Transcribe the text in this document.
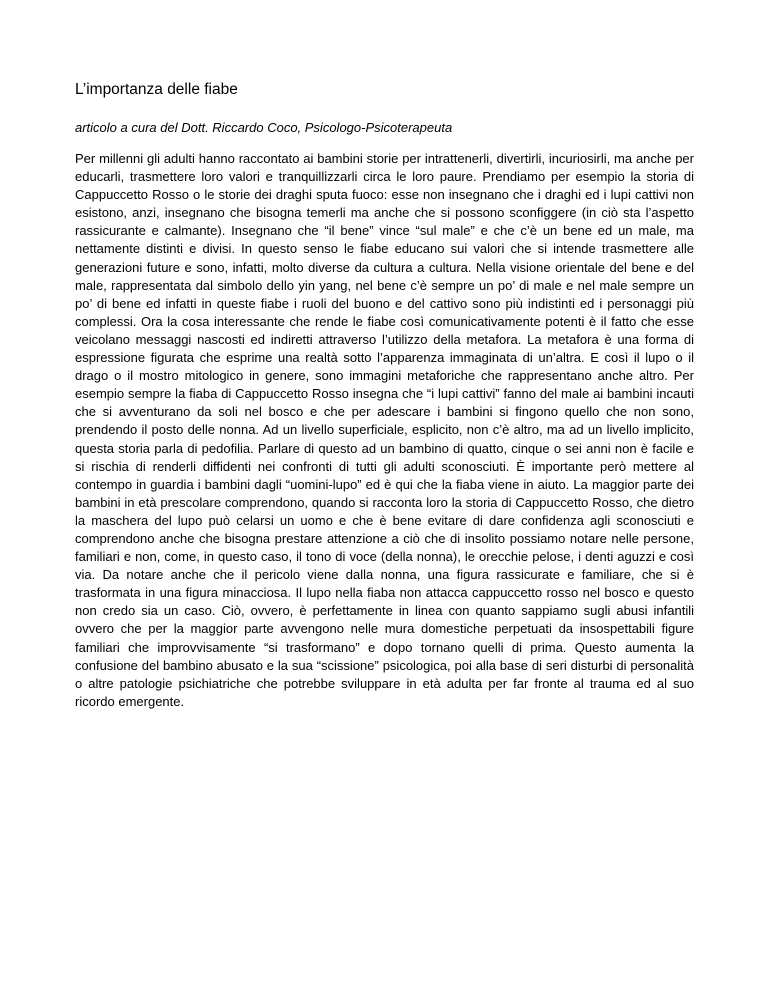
L’importanza delle fiabe

articolo a cura del Dott. Riccardo Coco, Psicologo-Psicoterapeuta

Per millenni gli adulti hanno raccontato ai bambini storie per intrattenerli, divertirli, incuriosirli, ma anche per educarli, trasmettere loro valori e tranquillizzarli circa le loro paure. Prendiamo per esempio la storia di Cappuccetto Rosso o le storie dei draghi sputa fuoco: esse non insegnano che i draghi ed i lupi cattivi non esistono, anzi, insegnano che bisogna temerli ma anche che si possono sconfiggere (in ciò sta l’aspetto rassicurante e calmante). Insegnano che “il bene” vince “sul male” e che c’è un bene ed un male, ma nettamente distinti e divisi. In questo senso le fiabe educano sui valori che si intende trasmettere alle generazioni future e sono, infatti, molto diverse da cultura a cultura. Nella visione orientale del bene e del male, rappresentata dal simbolo dello yin yang, nel bene c’è sempre un po’ di male e nel male sempre un po’ di bene ed infatti in queste fiabe i ruoli del buono e del cattivo sono più indistinti ed i personaggi più complessi. Ora la cosa interessante che rende le fiabe così comunicativamente potenti è il fatto che esse veicolano messaggi nascosti ed indiretti attraverso l’utilizzo della metafora. La metafora è una forma di espressione figurata che esprime una realtà sotto l’apparenza immaginata di un’altra. E così il lupo o il drago o il mostro mitologico in genere, sono immagini metaforiche che rappresentano anche altro. Per esempio sempre la fiaba di Cappuccetto Rosso insegna che “i lupi cattivi” fanno del male ai bambini incauti che si avventurano da soli nel bosco e che per adescare i bambini si fingono quello che non sono, prendendo il posto delle nonna. Ad un livello superficiale, esplicito, non c’è altro, ma ad un livello implicito, questa storia parla di pedofilia. Parlare di questo ad un bambino di quatto, cinque o sei anni non è facile e si rischia di renderli diffidenti nei confronti di tutti gli adulti sconosciuti. È importante però mettere al contempo in guardia i bambini dagli “uomini-lupo” ed è qui che la fiaba viene in aiuto. La maggior parte dei bambini in età prescolare comprendono, quando si racconta loro la storia di Cappuccetto Rosso, che dietro la maschera del lupo può celarsi un uomo e che è bene evitare di dare confidenza agli sconosciuti e comprendono anche che bisogna prestare attenzione a ciò che di insolito possiamo notare nelle persone, familiari e non, come, in questo caso, il tono di voce (della nonna), le orecchie pelose, i denti aguzzi e così via. Da notare anche che il pericolo viene dalla nonna, una figura rassicurate e familiare, che si è trasformata in una figura minacciosa. Il lupo nella fiaba non attacca cappuccetto rosso nel bosco e questo non credo sia un caso. Ciò, ovvero, è perfettamente in linea con quanto sappiamo sugli abusi infantili ovvero che per la maggior parte avvengono nelle mura domestiche perpetuati da insospettabili figure familiari che improvvisamente “si trasformano” e dopo tornano quelli di prima. Questo aumenta la confusione del bambino abusato e la sua “scissione” psicologica, poi alla base di seri disturbi di personalità o altre patologie psichiatriche che potrebbe sviluppare in età adulta per far fronte al trauma ed al suo ricordo emergente.
